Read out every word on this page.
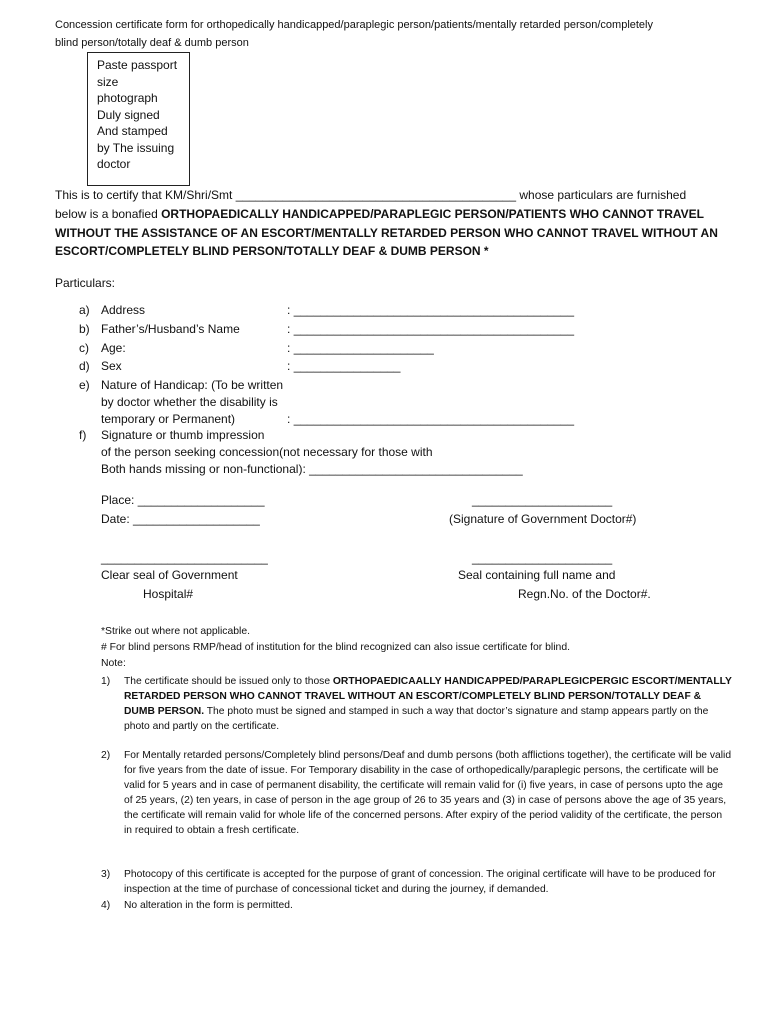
Concession certificate form for orthopedically handicapped/paraplegic person/patients/mentally retarded person/completely
blind person/totally deaf & dumb person
Paste passport
size
photograph
Duly signed
And stamped
by The issuing
doctor
This is to certify that KM/Shri/Smt __________________________________________ whose particulars are furnished
below is a bonafied ORTHOPAEDICALLY HANDICAPPED/PARAPLEGIC PERSON/PATIENTS WHO CANNOT TRAVEL
WITHOUT THE ASSISTANCE OF AN ESCORT/MENTALLY RETARDED PERSON WHO CANNOT TRAVEL WITHOUT AN
ESCORT/COMPLETELY BLIND PERSON/TOTALLY DEAF & DUMB PERSON *
Particulars:
a) Address	: __________________________________________
b) Father’s/Husband’s Name	: __________________________________________
c) Age:	: _____________________
d) Sex	: ________________
e) Nature of Handicap: (To be written
by doctor whether the disability is
temporary or Permanent)	: __________________________________________
f) Signature or thumb impression
of the person seeking concession(not necessary for those with
Both hands missing or non-functional): ________________________________
Place: ___________________	_____________________
Date: ___________________	(Signature of Government Doctor#)
_________________________	_____________________
Clear seal of Government	Seal containing full name and
Hospital#	Regn.No. of the Doctor#.
*Strike out where not applicable.
# For blind persons RMP/head of institution for the blind recognized can also issue certificate for blind.
Note:
1) The certificate should be issued only to those ORTHOPAEDICAALLY HANDICAPPED/PARAPLEGICPERGIC ESCORT/MENTALLY RETARDED PERSON WHO CANNOT TRAVEL WITHOUT AN ESCORT/COMPLETELY BLIND PERSON/TOTALLY DEAF & DUMB PERSON. The photo must be signed and stamped in such a way that doctor’s signature and stamp appears partly on the photo and partly on the certificate.
2) For Mentally retarded persons/Completely blind persons/Deaf and dumb persons (both afflictions together), the certificate will be valid for five years from the date of issue. For Temporary disability in the case of orthopedically/paraplegic persons, the certificate will be valid for 5 years and in case of permanent disability, the certificate will remain valid for (i) five years, in case of persons upto the age of 25 years, (2) ten years, in case of person in the age group of 26 to 35 years and (3) in case of persons above the age of 35 years, the certificate will remain valid for whole life of the concerned persons. After expiry of the period validity of the certificate, the person in required to obtain a fresh certificate.
3) Photocopy of this certificate is accepted for the purpose of grant of concession. The original certificate will have to be produced for inspection at the time of purchase of concessional ticket and during the journey, if demanded.
4) No alteration in the form is permitted.
